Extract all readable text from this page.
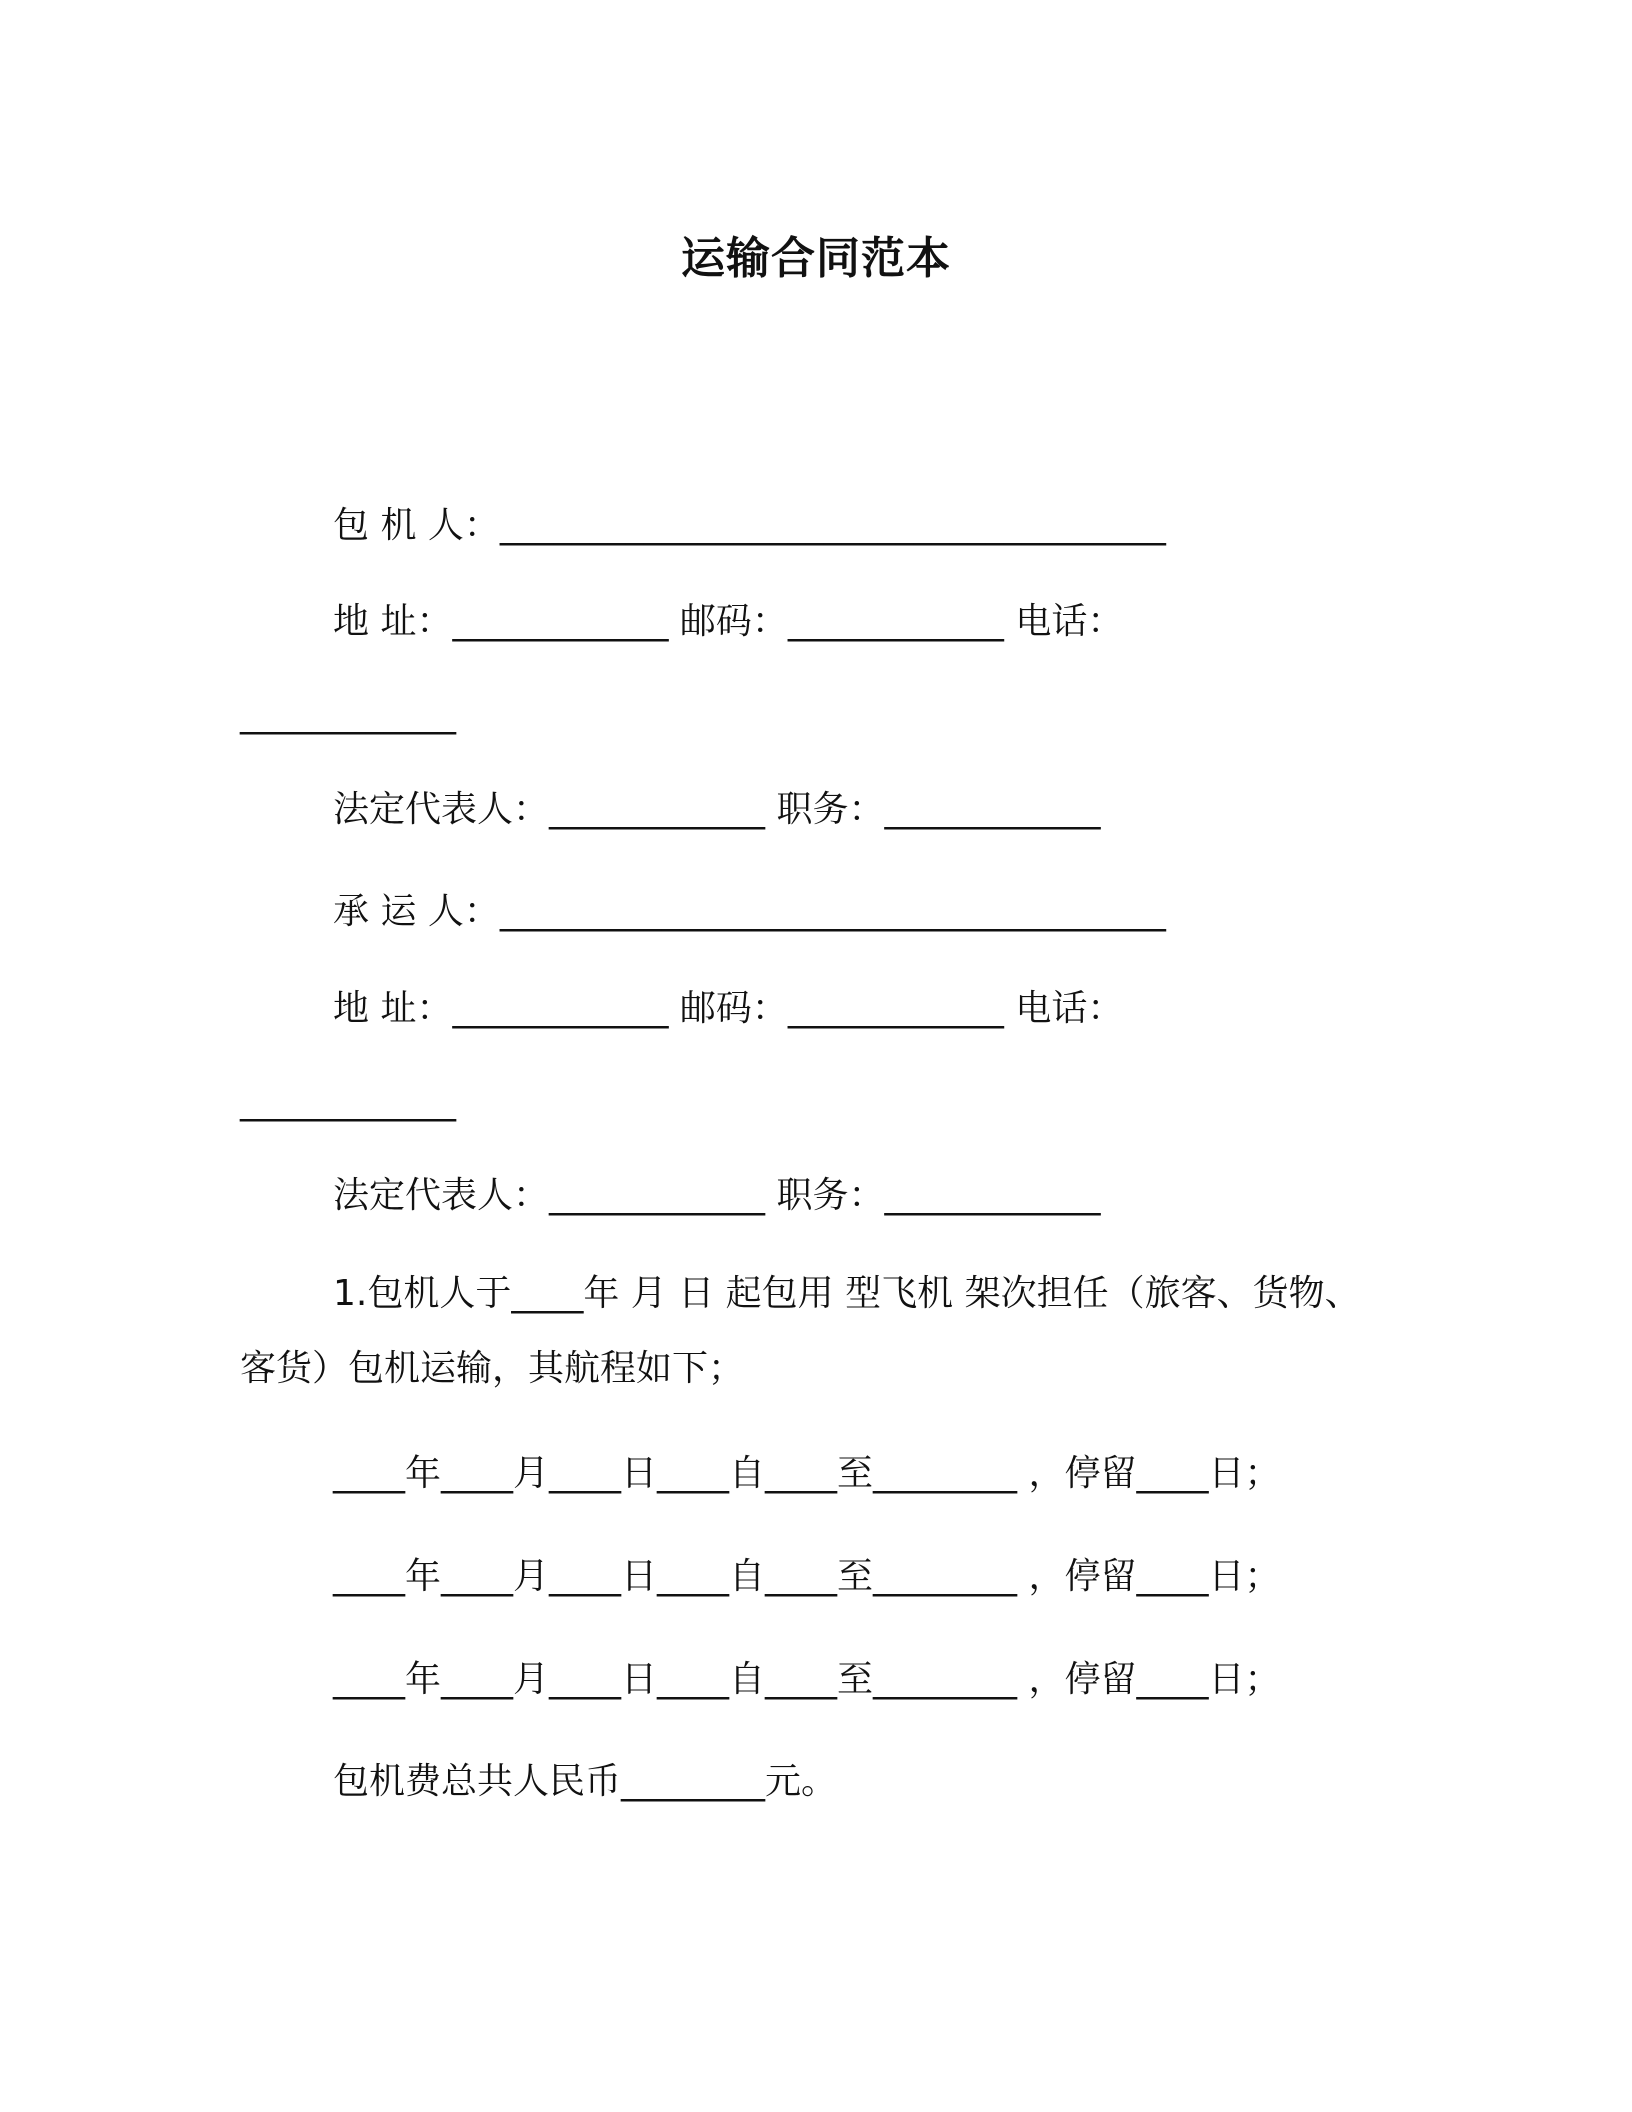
运输合同范本
包 机 人：_____________________________________
地 址：____________ 邮码：____________ 电话：
____________
法定代表人：____________ 职务：____________
承 运 人：_____________________________________
地 址：____________ 邮码：____________ 电话：
____________
法定代表人：____________ 职务：____________
1.包机人于____年 月 日 起包用 型飞机 架次担任（旅客、货物、
客货）包机运输，其航程如下；
____年____月____日____自____至________ ，停留____日；
____年____月____日____自____至________ ，停留____日；
____年____月____日____自____至________ ，停留____日；
包机费总共人民币________元。
